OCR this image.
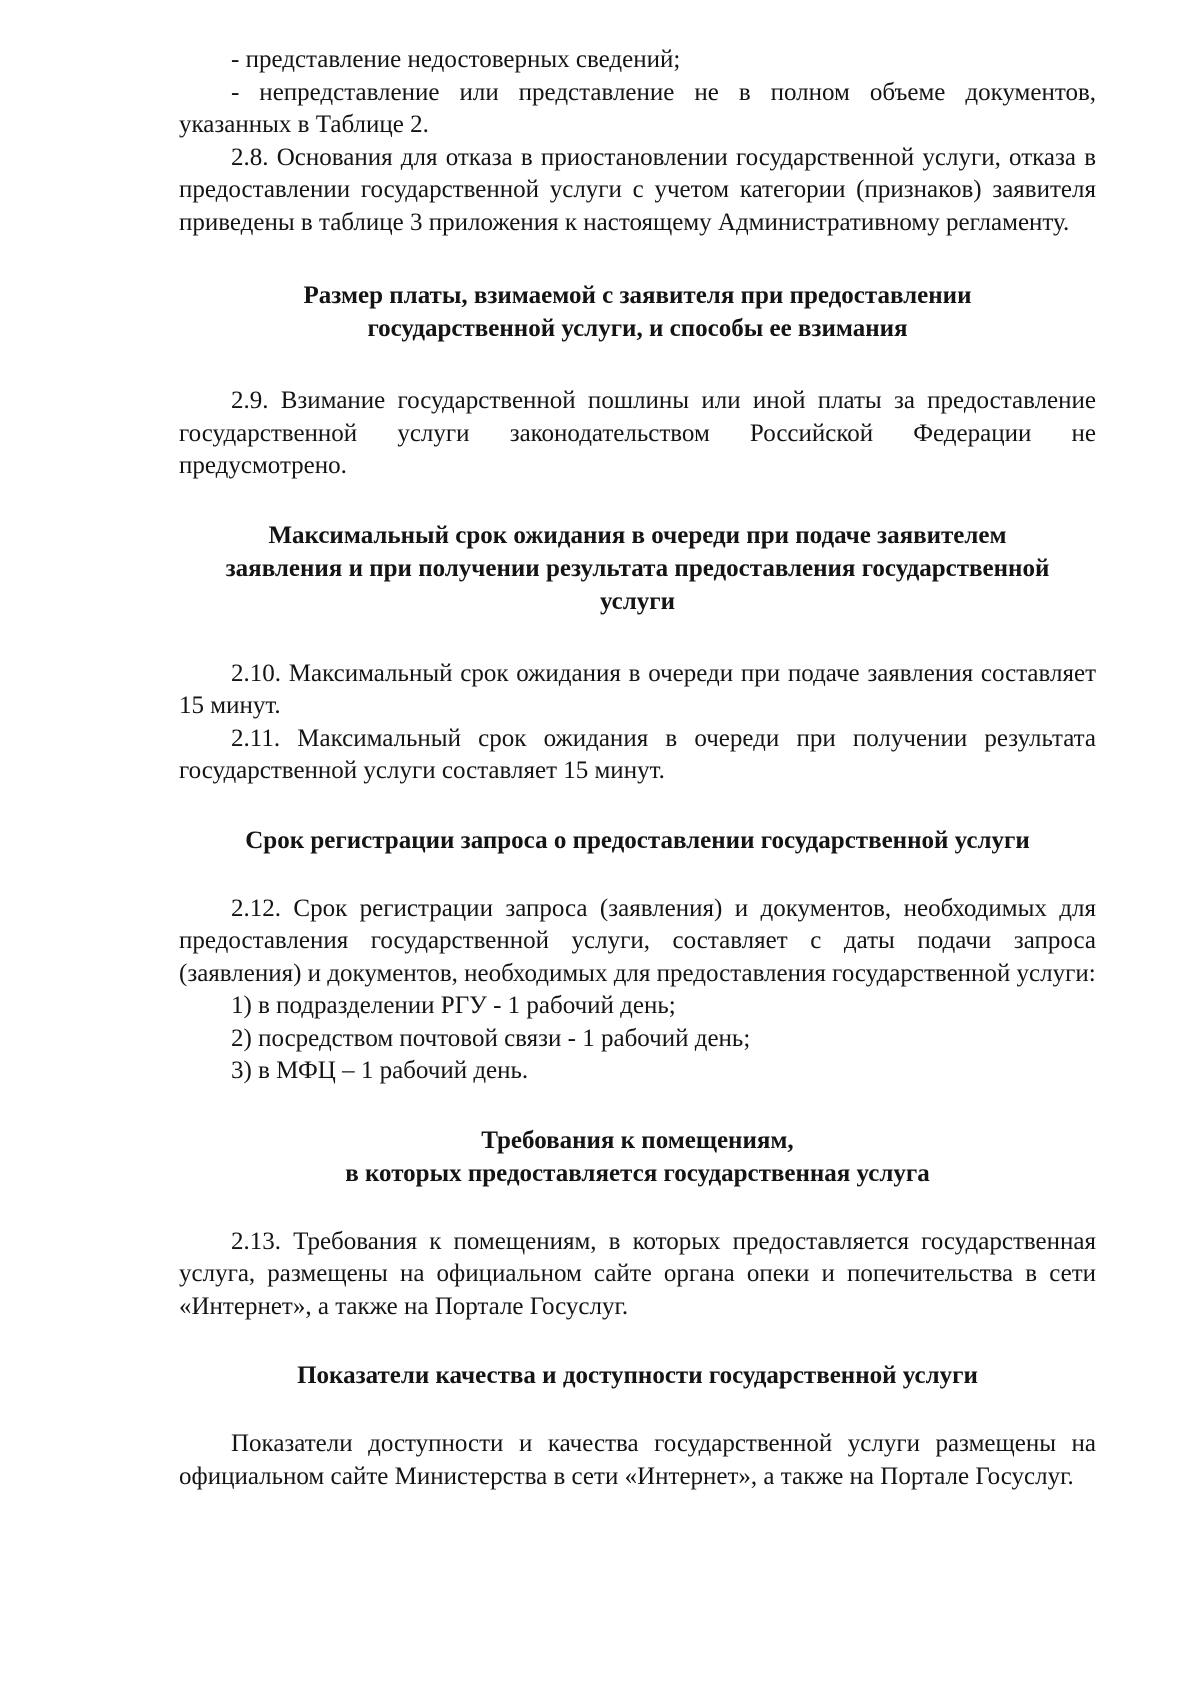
- представление недостоверных сведений;

- непредставление или представление не в полном объеме документов, указанных в Таблице 2.

2.8. Основания для отказа в приостановлении государственной услуги, отказа в предоставлении государственной услуги с учетом категории (признаков) заявителя приведены в таблице 3 приложения к настоящему Административному регламенту.

Размер платы, взимаемой с заявителя при предоставлении
государственной услуги, и способы ее взимания

2.9. Взимание государственной пошлины или иной платы за предоставление государственной услуги законодательством Российской Федерации не предусмотрено.

Максимальный срок ожидания в очереди при подаче заявителем
заявления и при получении результата предоставления государственной
услуги

2.10. Максимальный срок ожидания в очереди при подаче заявления составляет 15 минут.

2.11. Максимальный срок ожидания в очереди при получении результата государственной услуги составляет 15 минут.

Срок регистрации запроса о предоставлении государственной услуги

2.12. Срок регистрации запроса (заявления) и документов, необходимых для предоставления государственной услуги, составляет с даты подачи запроса (заявления) и документов, необходимых для предоставления государственной услуги:

1) в подразделении РГУ - 1 рабочий день;

2) посредством почтовой связи - 1 рабочий день;

3) в МФЦ – 1 рабочий день.

Требования к помещениям,
в которых предоставляется государственная услуга

2.13. Требования к помещениям, в которых предоставляется государственная услуга, размещены на официальном сайте органа опеки и попечительства в сети «Интернет», а также на Портале Госуслуг.

Показатели качества и доступности государственной услуги

Показатели доступности и качества государственной услуги размещены на официальном сайте Министерства в сети «Интернет», а также на Портале Госуслуг.
